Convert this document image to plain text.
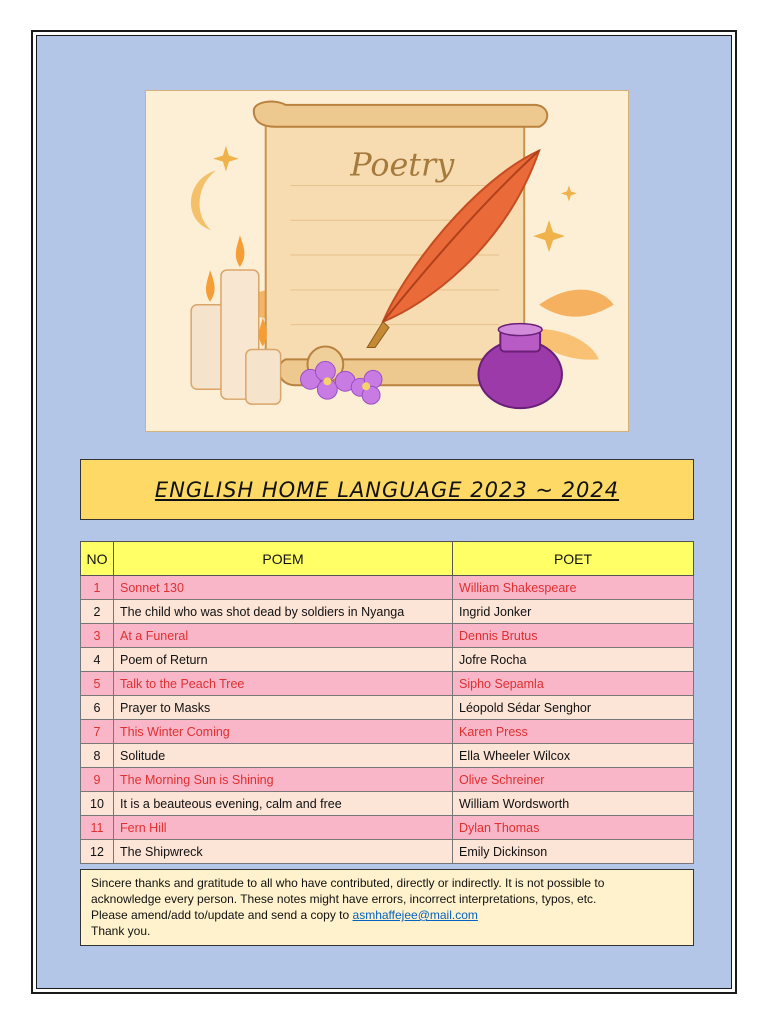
Poetry
ENGLISH HOME LANGUAGE 2023 ~ 2024
NO	POEM	POET
1	Sonnet 130	William Shakespeare
2	The child who was shot dead by soldiers in Nyanga	Ingrid Jonker
3	At a Funeral	Dennis Brutus
4	Poem of Return	Jofre Rocha
5	Talk to the Peach Tree	Sipho Sepamla
6	Prayer to Masks	Léopold Sédar Senghor
7	This Winter Coming	Karen Press
8	Solitude	Ella Wheeler Wilcox
9	The Morning Sun is Shining	Olive Schreiner
10	It is a beauteous evening, calm and free	William Wordsworth
11	Fern Hill	Dylan Thomas
12	The Shipwreck	Emily Dickinson
Sincere thanks and gratitude to all who have contributed, directly or indirectly. It is not possible to
acknowledge every person. These notes might have errors, incorrect interpretations, typos, etc.
Please amend/add to/update and send a copy to asmhaffejee@mail.com
Thank you.
